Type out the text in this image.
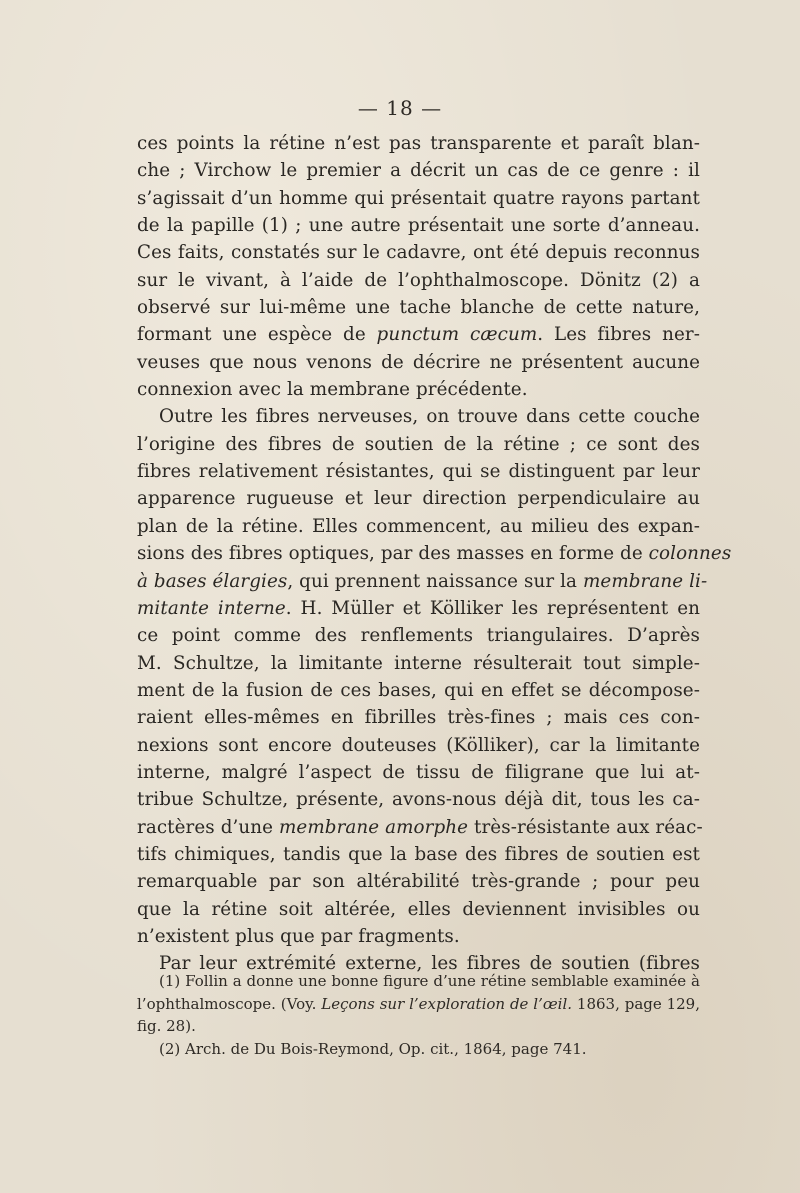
— 18 —
ces points la rétine n’est pas transparente et paraît blan-
che ; Virchow le premier a décrit un cas de ce genre : il
s’agissait d’un homme qui présentait quatre rayons partant
de la papille (1) ; une autre présentait une sorte d’anneau.
Ces faits, constatés sur le cadavre, ont été depuis reconnus
sur le vivant, à l’aide de l’ophthalmoscope. Dönitz (2) a
observé sur lui-même une tache blanche de cette nature,
formant une espèce de punctum cæcum. Les fibres ner-
veuses que nous venons de décrire ne présentent aucune
connexion avec la membrane précédente.
Outre les fibres nerveuses, on trouve dans cette couche
l’origine des fibres de soutien de la rétine ; ce sont des
fibres relativement résistantes, qui se distinguent par leur
apparence rugueuse et leur direction perpendiculaire au
plan de la rétine. Elles commencent, au milieu des expan-
sions des fibres optiques, par des masses en forme de colonnes
à bases élargies, qui prennent naissance sur la membrane li-
mitante interne. H. Müller et Kölliker les représentent en
ce point comme des renflements triangulaires. D’après
M. Schultze, la limitante interne résulterait tout simple-
ment de la fusion de ces bases, qui en effet se décompose-
raient elles-mêmes en fibrilles très-fines ; mais ces con-
nexions sont encore douteuses (Kölliker), car la limitante
interne, malgré l’aspect de tissu de filigrane que lui at-
tribue Schultze, présente, avons-nous déjà dit, tous les ca-
ractères d’une membrane amorphe très-résistante aux réac-
tifs chimiques, tandis que la base des fibres de soutien est
remarquable par son altérabilité très-grande ; pour peu
que la rétine soit altérée, elles deviennent invisibles ou
n’existent plus que par fragments.
Par leur extrémité externe, les fibres de soutien (fibres
(1) Follin a donne une bonne figure d’une rétine semblable examinée à
l’ophthalmoscope. (Voy. Leçons sur l’exploration de l’œil. 1863, page 129,
fig. 28).
(2) Arch. de Du Bois-Reymond, Op. cit., 1864, page 741.
